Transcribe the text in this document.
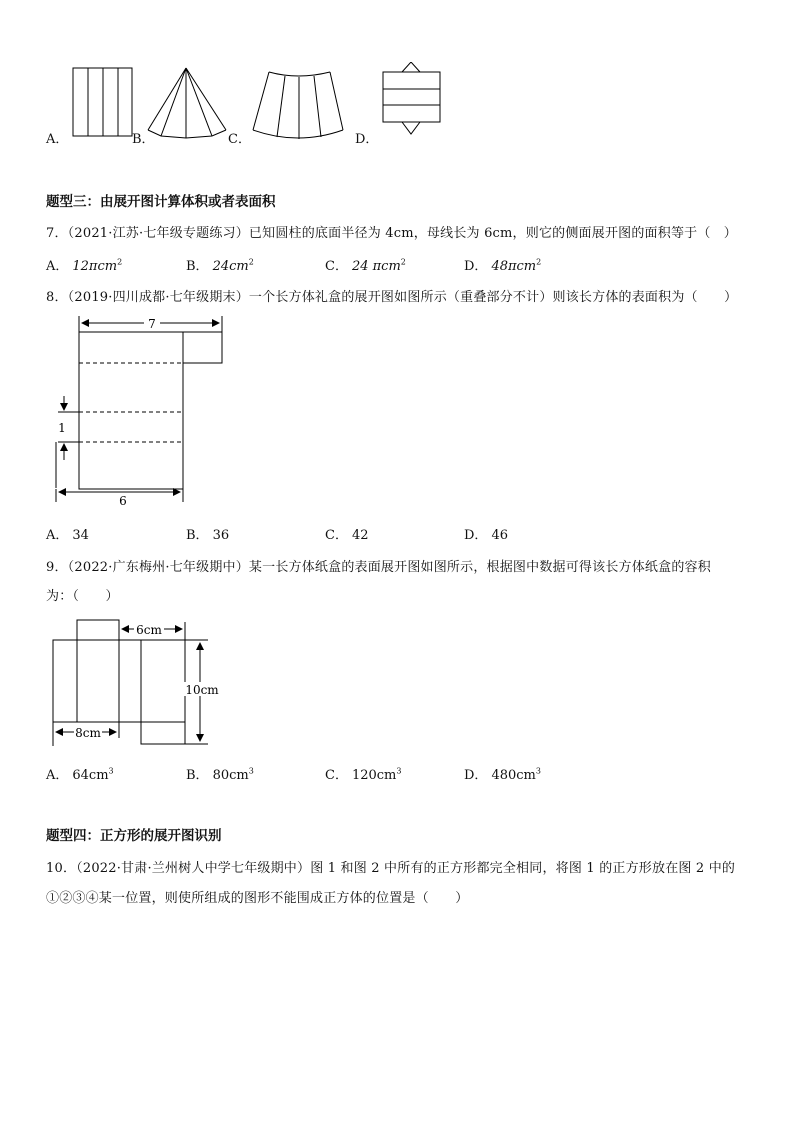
A．	B．	C．	D．
题型三：由展开图计算体积或者表面积
7．（2021·江苏·七年级专题练习）已知圆柱的底面半径为 4cm，母线长为 6cm，则它的侧面展开图的面积等于（　）
A． 12πcm$^2$	B． $24cm^2$	C． 24 πcm$^2$	D． 48πcm$^2$
8．（2019·四川成都·七年级期末）一个长方体礼盒的展开图如图所示（重叠部分不计）则该长方体的表面积为（　　）
7
1
6
A． 34	B． 36	C． 42	D． 46
9．（2022·广东梅州·七年级期中）某一长方体纸盒的表面展开图如图所示，根据图中数据可得该长方体纸盒的容积
为：（　　）
6cm
10cm
8cm
A． $64cm^3$	B． $80cm^3$	C． $120cm^3$	D． $480cm^3$
题型四：正方形的展开图识别
10．（2022·甘肃·兰州树人中学七年级期中）图 1 和图 2 中所有的正方形都完全相同，将图 1 的正方形放在图 2 中的
①②③④某一位置，则使所组成的图形不能围成正方体的位置是（　　）
